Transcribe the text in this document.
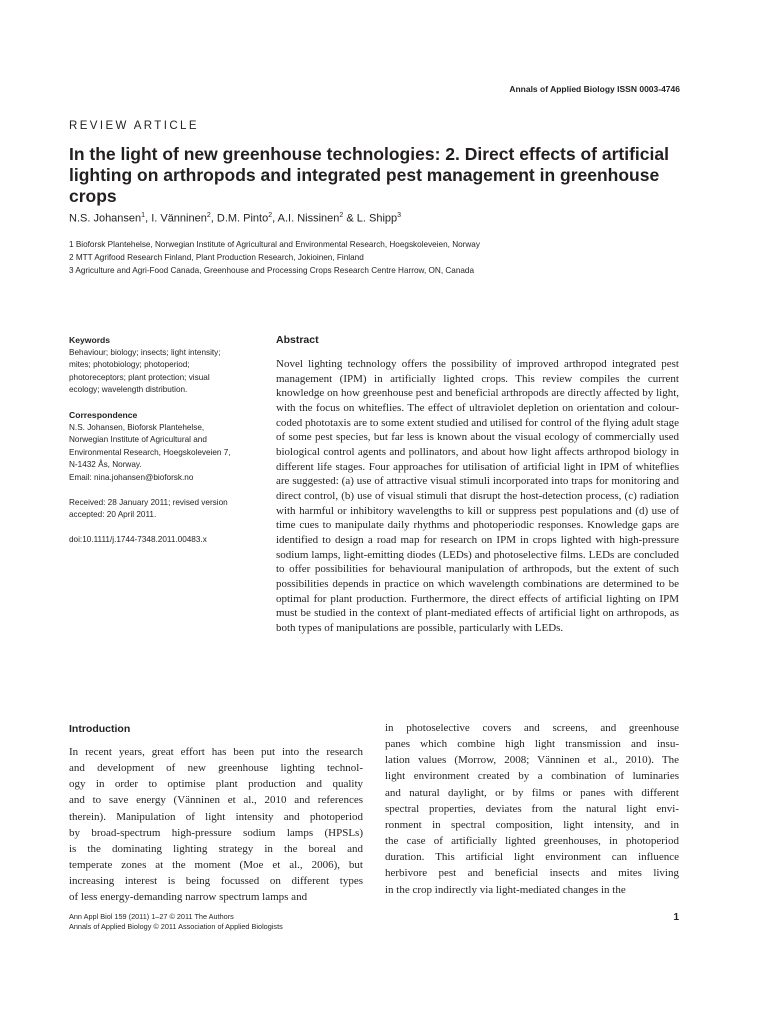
Annals of Applied Biology ISSN 0003-4746
REVIEW ARTICLE
In the light of new greenhouse technologies: 2. Direct effects of artificial lighting on arthropods and integrated pest management in greenhouse crops
N.S. Johansen$^1$, I. Vänninen$^2$, D.M. Pinto$^2$, A.I. Nissinen$^2$ & L. Shipp$^3$
1 Bioforsk Plantehelse, Norwegian Institute of Agricultural and Environmental Research, Hoegskoleveien, Norway
2 MTT Agrifood Research Finland, Plant Production Research, Jokioinen, Finland
3 Agriculture and Agri-Food Canada, Greenhouse and Processing Crops Research Centre Harrow, ON, Canada
Keywords
Behaviour; biology; insects; light intensity;
mites; photobiology; photoperiod;
photoreceptors; plant protection; visual
ecology; wavelength distribution.
Correspondence
N.S. Johansen, Bioforsk Plantehelse,
Norwegian Institute of Agricultural and
Environmental Research, Hoegskoleveien 7,
N-1432 Ås, Norway.
Email: nina.johansen@bioforsk.no
Received: 28 January 2011; revised version
accepted: 20 April 2011.
doi:10.1111/j.1744-7348.2011.00483.x
Abstract
Novel lighting technology offers the possibility of improved arthropod integrated pest management (IPM) in artificially lighted crops. This review compiles the current knowledge on how greenhouse pest and beneficial arthropods are directly affected by light, with the focus on whiteflies. The effect of ultraviolet depletion on orientation and colour-coded phototaxis are to some extent studied and utilised for control of the flying adult stage of some pest species, but far less is known about the visual ecology of commercially used biological control agents and pollinators, and about how light affects arthropod biology in different life stages. Four approaches for utilisation of artificial light in IPM of whiteflies are suggested: (a) use of attractive visual stimuli incorporated into traps for monitoring and direct control, (b) use of visual stimuli that disrupt the host-detection process, (c) radiation with harmful or inhibitory wavelengths to kill or suppress pest populations and (d) use of time cues to manipulate daily rhythms and photoperiodic responses. Knowledge gaps are identified to design a road map for research on IPM in crops lighted with high-pressure sodium lamps, light-emitting diodes (LEDs) and photoselective films. LEDs are concluded to offer possibilities for behavioural manipulation of arthropods, but the extent of such possibilities depends in practice on which wavelength combinations are determined to be optimal for plant production. Furthermore, the direct effects of artificial lighting on IPM must be studied in the context of plant-mediated effects of artificial light on arthropods, as both types of manipulations are possible, particularly with LEDs.
Introduction
In recent years, great effort has been put into the research
and development of new greenhouse lighting technol-
ogy in order to optimise plant production and quality
and to save energy (Vänninen et al., 2010 and references
therein). Manipulation of light intensity and photoperiod
by broad-spectrum high-pressure sodium lamps (HPSLs)
is the dominating lighting strategy in the boreal and
temperate zones at the moment (Moe et al., 2006), but
increasing interest is being focussed on different types
of less energy-demanding narrow spectrum lamps and
in photoselective covers and screens, and greenhouse
panes which combine high light transmission and insu-
lation values (Morrow, 2008; Vänninen et al., 2010). The
light environment created by a combination of luminaries
and natural daylight, or by films or panes with different
spectral properties, deviates from the natural light envi-
ronment in spectral composition, light intensity, and in
the case of artificially lighted greenhouses, in photoperiod
duration. This artificial light environment can influence
herbivore pest and beneficial insects and mites living
in the crop indirectly via light-mediated changes in the
Ann Appl Biol 159 (2011) 1–27 © 2011 The Authors
Annals of Applied Biology © 2011 Association of Applied Biologists
1
